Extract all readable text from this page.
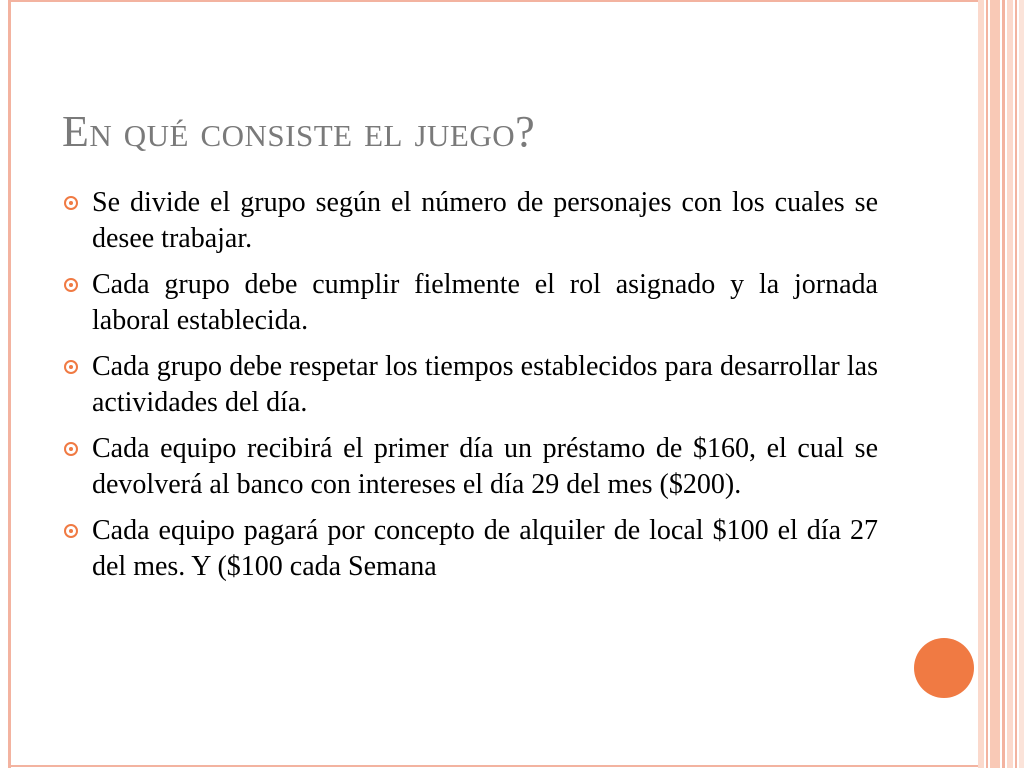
En qué consiste el juego?
Se divide el grupo según el número de personajes con los cuales se desee trabajar.
Cada grupo debe cumplir fielmente el rol asignado y la jornada laboral establecida.
Cada grupo debe respetar los tiempos establecidos para desarrollar las actividades del día.
Cada equipo recibirá el primer día un préstamo de $160, el cual se devolverá al banco con intereses el día 29 del mes ($200).
Cada equipo pagará por concepto de alquiler de local $100 el día 27 del mes. Y ($100 cada Semana
